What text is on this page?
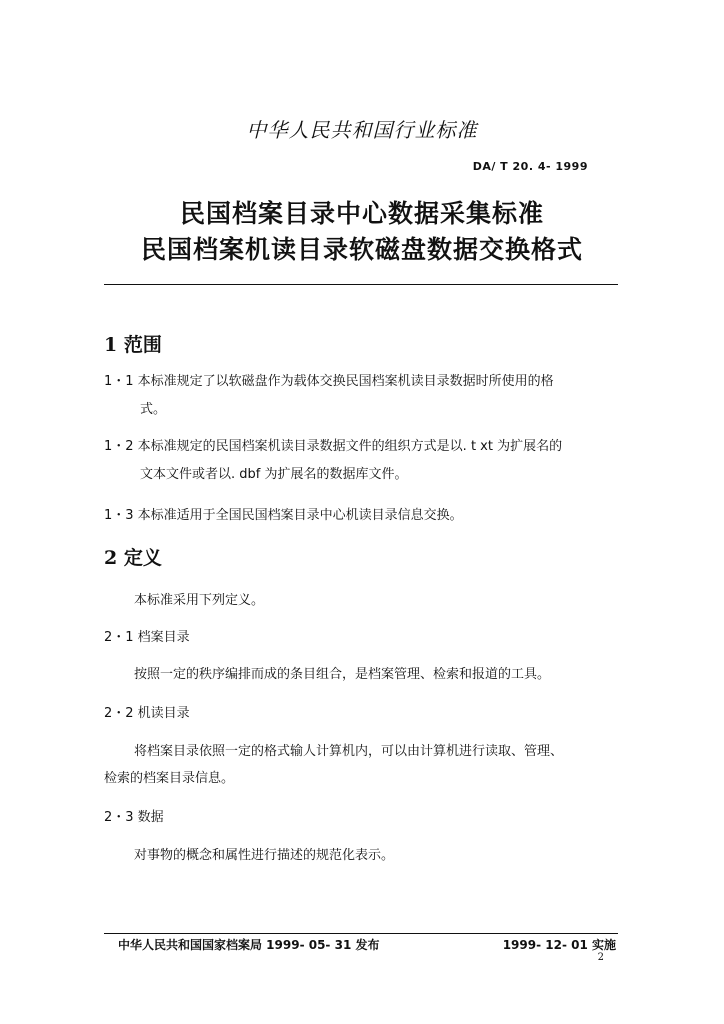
中华人民共和国行业标准
DA/ T 20. 4- 1999
民国档案目录中心数据采集标准
民国档案机读目录软磁盘数据交换格式
1 范围
1・1 本标准规定了以软磁盘作为载体交换民国档案机读目录数据时所使用的格
式。
1・2 本标准规定的民国档案机读目录数据文件的组织方式是以. t xt 为扩展名的
文本文件或者以. dbf 为扩展名的数据库文件。
1・3 本标准适用于全国民国档案目录中心机读目录信息交换。
2 定义
本标准采用下列定义。
2・1 档案目录
按照一定的秩序编排而成的条目组合，是档案管理、检索和报道的工具。
2・2 机读目录
将档案目录依照一定的格式输人计算机内，可以由计算机进行读取、管理、
检索的档案目录信息。
2・3 数据
对事物的概念和属性进行描述的规范化表示。
中华人民共和国国家档案局 1999- 05- 31 发布	1999- 12- 01 实施
2
